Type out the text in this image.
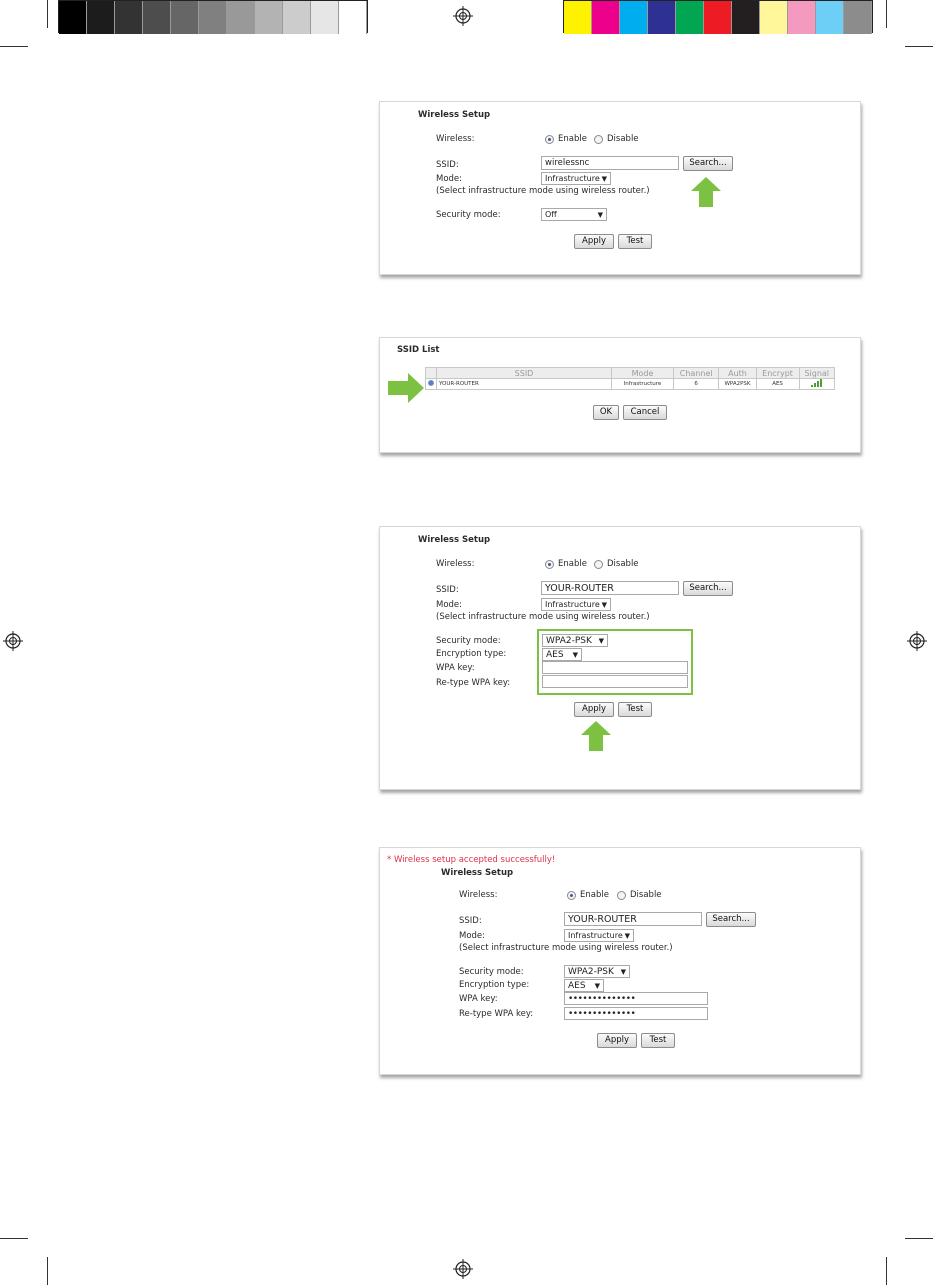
Wireless Setup
Wireless:	Enable Disable
SSID:	wirelessnc	Search...
Mode:	Infrastructure ▼
(Select infrastructure mode using wireless router.)
Security mode:	Off	▼
Apply	Test
SSID List
	SSID	Mode	Channel	Auth	Encrypt	Signal
	YOUR-ROUTER	Infrastructure	6	WPA2PSK	AES	
OK	Cancel
Wireless Setup
Wireless:	Enable Disable
SSID:	YOUR-ROUTER	Search...
Mode:	Infrastructure ▼
(Select infrastructure mode using wireless router.)
Security mode:	WPA2-PSK ▼
Encryption type:	AES ▼
WPA key:
Re-type WPA key:
Apply	Test
* Wireless setup accepted successfully!
Wireless Setup
Wireless:	Enable Disable
SSID:	YOUR-ROUTER	Search...
Mode:	Infrastructure ▼
(Select infrastructure mode using wireless router.)
Security mode:	WPA2-PSK ▼
Encryption type:	AES ▼
WPA key:	••••••••••••••
Re-type WPA key:	••••••••••••••
Apply	Test
